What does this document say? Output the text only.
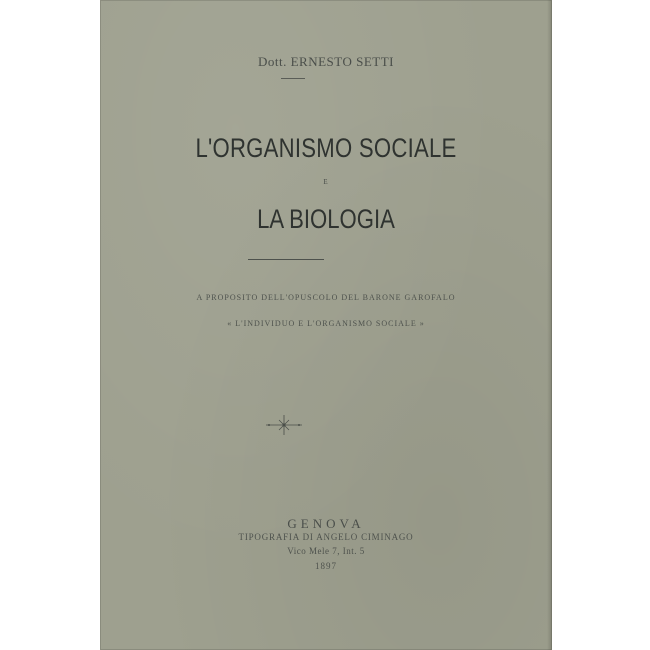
Dott. ERNESTO SETTI
L'ORGANISMO SOCIALE
E
LA BIOLOGIA
A PROPOSITO DELL'OPUSCOLO DEL BARONE GAROFALO
« L'INDIVIDUO E L'ORGANISMO SOCIALE »
GENOVA
TIPOGRAFIA DI ANGELO CIMINAGO
Vico Mele 7, Int. 5
1897
